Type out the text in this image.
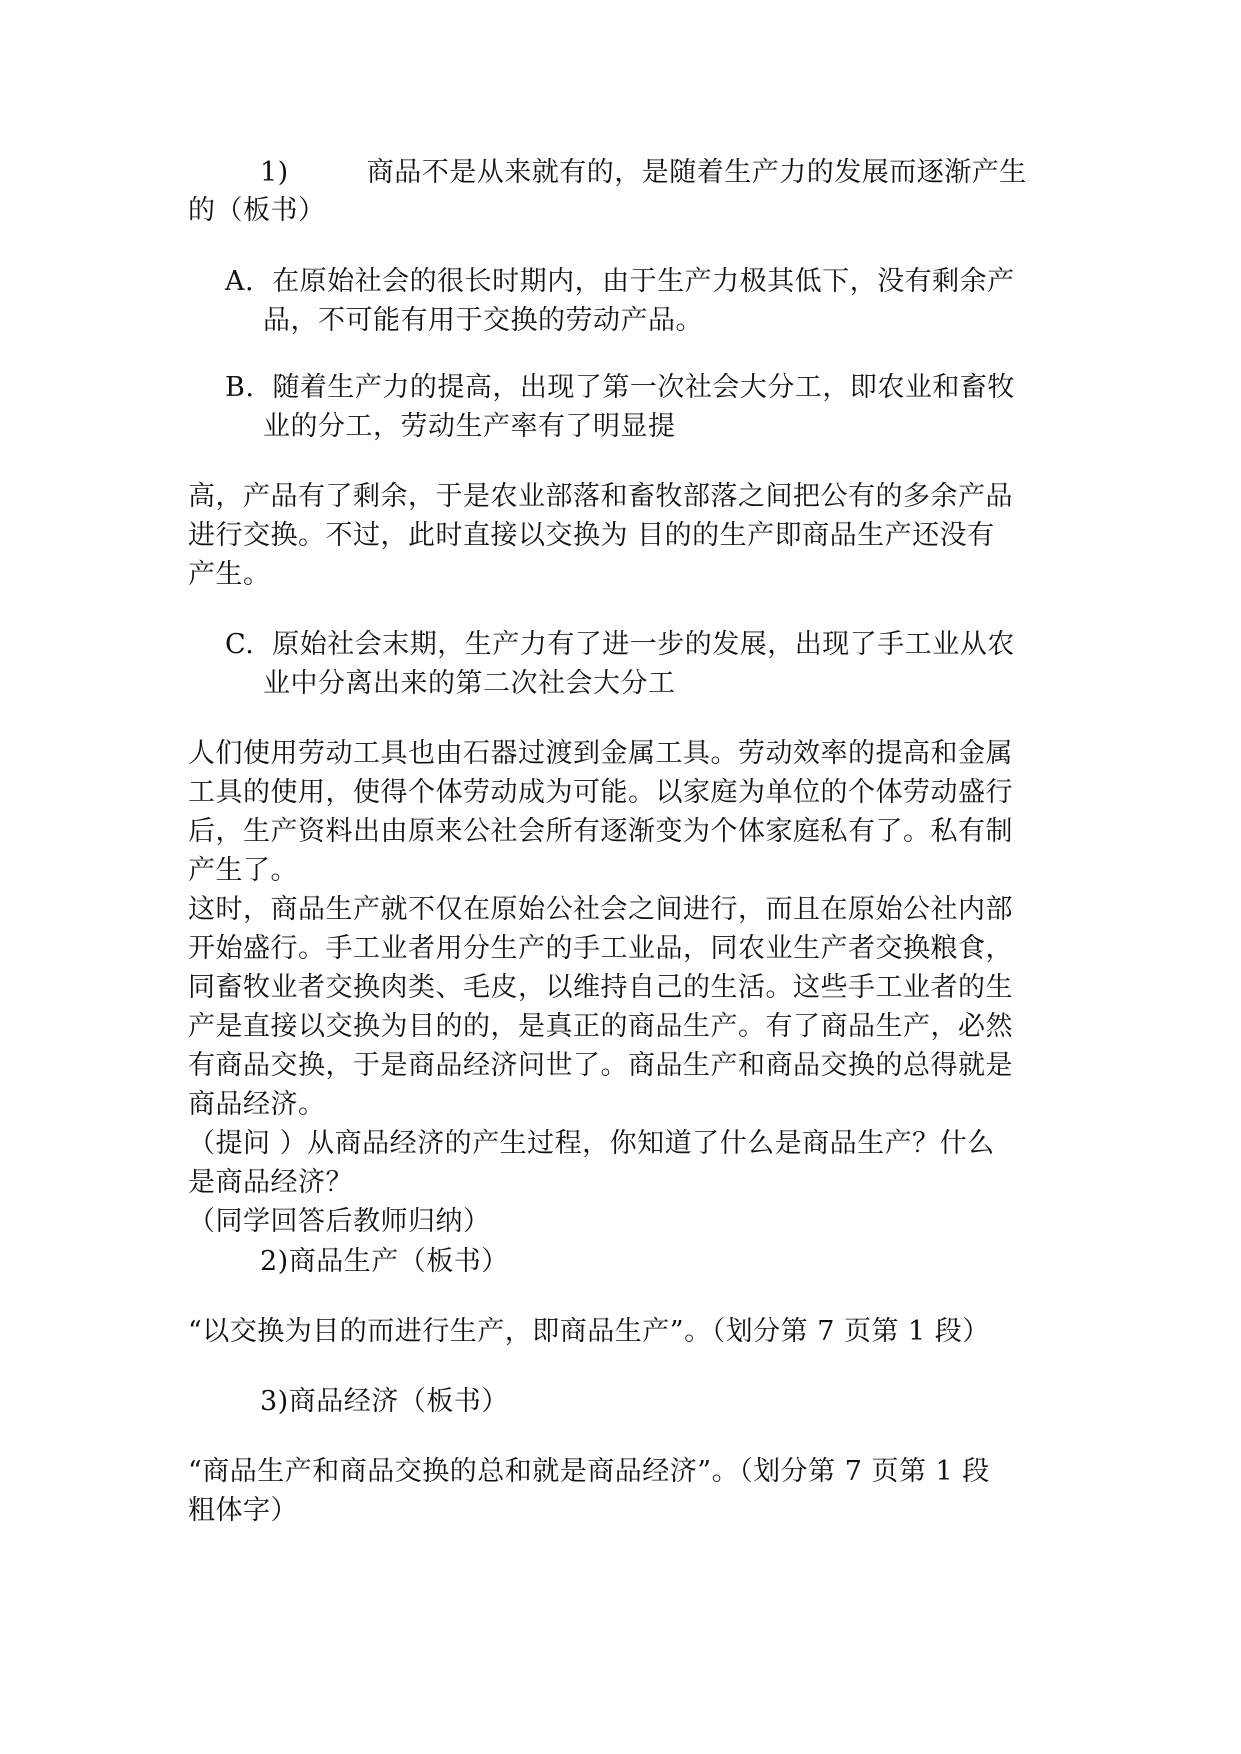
1)	商品不是从来就有的，是随着生产力的发展而逐渐产生
的（板书）
A. 在原始社会的很长时期内，由于生产力极其低下，没有剩余产
品，不可能有用于交换的劳动产品。
B. 随着生产力的提高，出现了第一次社会大分工，即农业和畜牧
业的分工，劳动生产率有了明显提
高，产品有了剩余，于是农业部落和畜牧部落之间把公有的多余产品
进行交换。不过，此时直接以交换为 目的的生产即商品生产还没有
产生。
C. 原始社会末期，生产力有了进一步的发展，出现了手工业从农
业中分离出来的第二次社会大分工
人们使用劳动工具也由石器过渡到金属工具。劳动效率的提高和金属
工具的使用，使得个体劳动成为可能。以家庭为单位的个体劳动盛行
后，生产资料出由原来公社会所有逐渐变为个体家庭私有了。私有制
产生了。
这时，商品生产就不仅在原始公社会之间进行，而且在原始公社内部
开始盛行。手工业者用分生产的手工业品，同农业生产者交换粮食，
同畜牧业者交换肉类、毛皮，以维持自己的生活。这些手工业者的生
产是直接以交换为目的的，是真正的商品生产。有了商品生产，必然
有商品交换，于是商品经济问世了。商品生产和商品交换的总得就是
商品经济。
（提问 ）从商品经济的产生过程，你知道了什么是商品生产？什么
是商品经济？
（同学回答后教师归纳）
2)商品生产（板书）
“以交换为目的而进行生产，即商品生产”。（划分第 7 页第 1 段）
3)商品经济（板书）
“商品生产和商品交换的总和就是商品经济”。（划分第 7 页第 1 段
粗体字）
